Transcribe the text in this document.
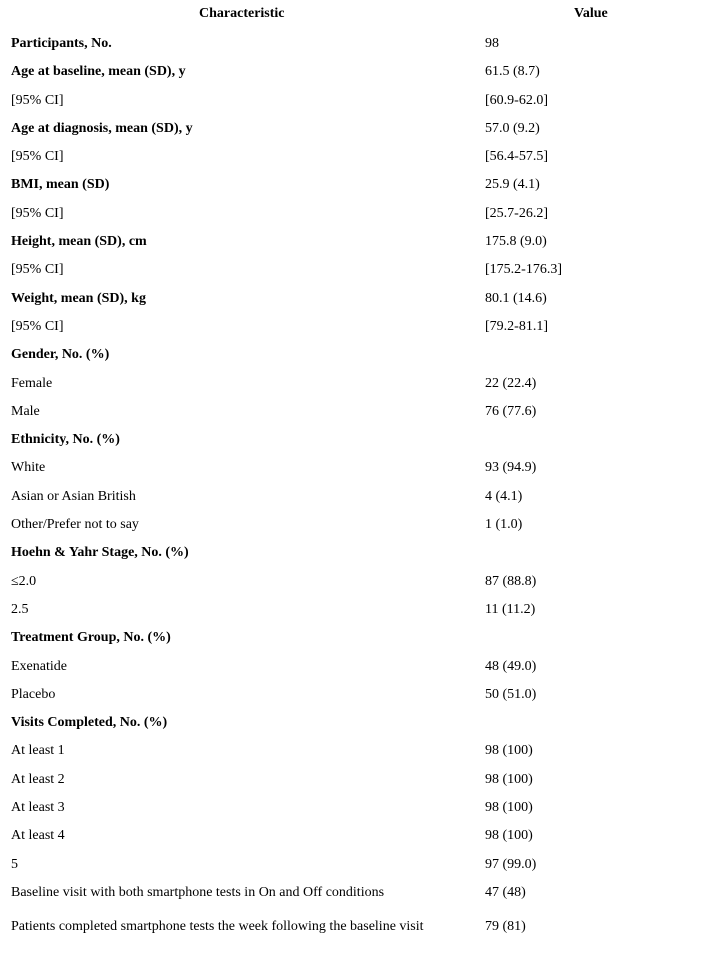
Characteristic	Value
Participants, No.	98
Age at baseline, mean (SD), y	61.5 (8.7)
[95% CI]	[60.9-62.0]
Age at diagnosis, mean (SD), y	57.0 (9.2)
[95% CI]	[56.4-57.5]
BMI, mean (SD)	25.9 (4.1)
[95% CI]	[25.7-26.2]
Height, mean (SD), cm	175.8 (9.0)
[95% CI]	[175.2-176.3]
Weight, mean (SD), kg	80.1 (14.6)
[95% CI]	[79.2-81.1]
Gender, No. (%)
Female	22 (22.4)
Male	76 (77.6)
Ethnicity, No. (%)
White	93 (94.9)
Asian or Asian British	4 (4.1)
Other/Prefer not to say	1 (1.0)
Hoehn & Yahr Stage, No. (%)
≤2.0	87 (88.8)
2.5	11 (11.2)
Treatment Group, No. (%)
Exenatide	48 (49.0)
Placebo	50 (51.0)
Visits Completed, No. (%)
At least 1	98 (100)
At least 2	98 (100)
At least 3	98 (100)
At least 4	98 (100)
5	97 (99.0)
Baseline visit with both smartphone tests in On and Off conditions	47 (48)
Patients completed smartphone tests the week following the baseline visit	79 (81)
